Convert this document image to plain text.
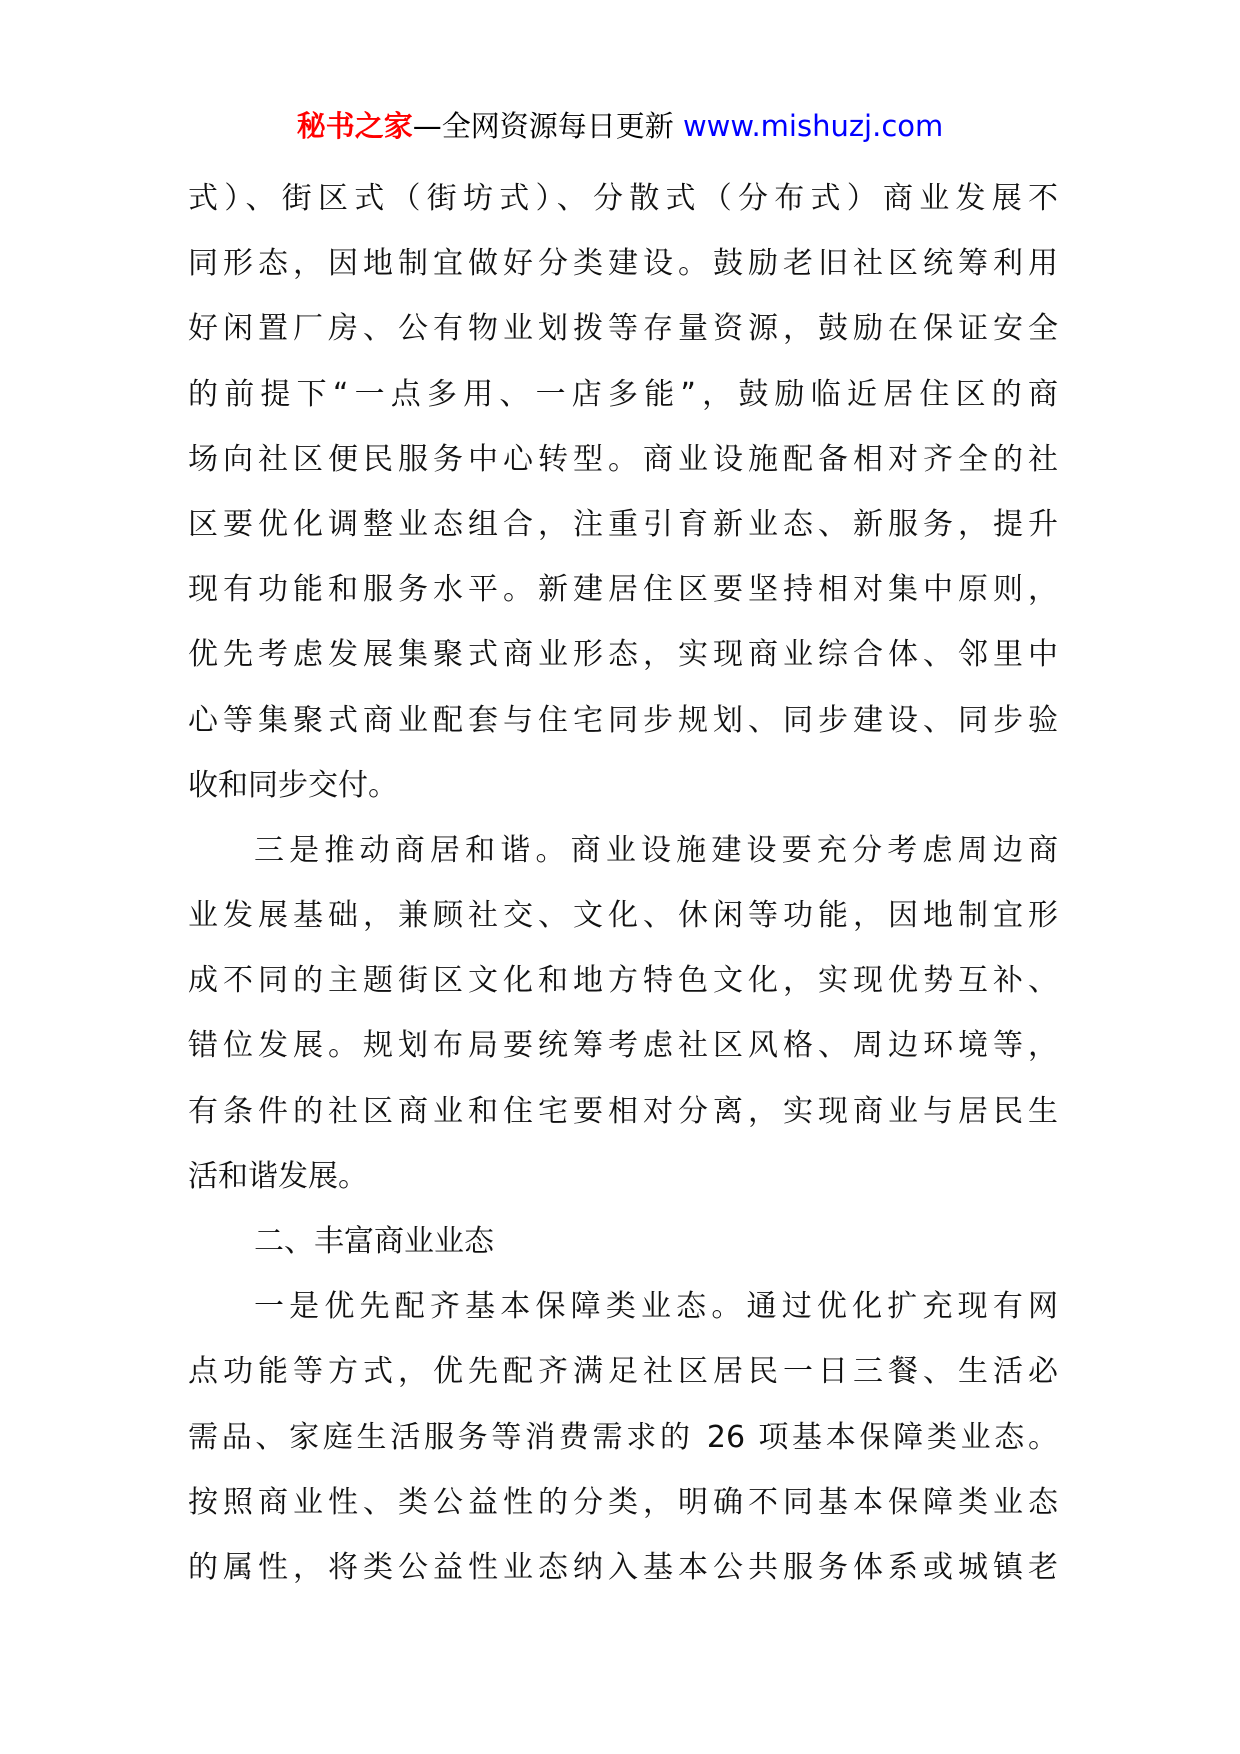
秘书之家—全网资源每日更新 www.mishuzj.com
式）、街区式（街坊式）、分散式（分布式）商业发展不
同形态，因地制宜做好分类建设。鼓励老旧社区统筹利用
好闲置厂房、公有物业划拨等存量资源，鼓励在保证安全
的前提下“一点多用、一店多能”，鼓励临近居住区的商
场向社区便民服务中心转型。商业设施配备相对齐全的社
区要优化调整业态组合，注重引育新业态、新服务，提升
现有功能和服务水平。新建居住区要坚持相对集中原则，
优先考虑发展集聚式商业形态，实现商业综合体、邻里中
心等集聚式商业配套与住宅同步规划、同步建设、同步验
收和同步交付。
三是推动商居和谐。商业设施建设要充分考虑周边商
业发展基础，兼顾社交、文化、休闲等功能，因地制宜形
成不同的主题街区文化和地方特色文化，实现优势互补、
错位发展。规划布局要统筹考虑社区风格、周边环境等，
有条件的社区商业和住宅要相对分离，实现商业与居民生
活和谐发展。
二、丰富商业业态
一是优先配齐基本保障类业态。通过优化扩充现有网
点功能等方式，优先配齐满足社区居民一日三餐、生活必
需品、家庭生活服务等消费需求的 26 项基本保障类业态。
按照商业性、类公益性的分类，明确不同基本保障类业态
的属性，将类公益性业态纳入基本公共服务体系或城镇老
